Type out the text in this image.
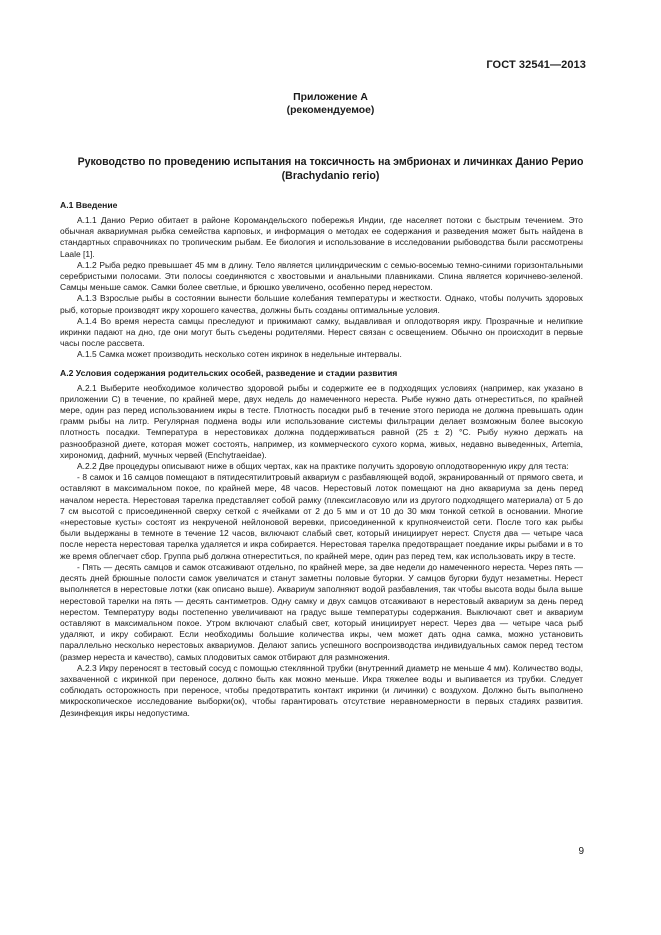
ГОСТ 32541—2013
Приложение А
(рекомендуемое)
Руководство по проведению испытания на токсичность на эмбрионах и личинках Данио Рерио
(Brachydanio rerio)
А.1 Введение

А.1.1 Данио Рерио обитает в районе Коромандельского побережья Индии, где населяет потоки с быстрым течением. Это обычная аквариумная рыбка семейства карповых, и информация о методах ее содержания и разведения может быть найдена в стандартных справочниках по тропическим рыбам. Ее биология и использование в исследовании рыбоводства были рассмотрены Laale [1].

А.1.2 Рыба редко превышает 45 мм в длину. Тело является цилиндрическим с семью-восемью темно-синими горизонтальными серебристыми полосами. Эти полосы соединяются с хвостовыми и анальными плавниками. Спина является коричнево-зеленой. Самцы меньше самок. Самки более светлые, и брюшко увеличено, особенно перед нерестом.

А.1.3 Взрослые рыбы в состоянии вынести большие колебания температуры и жесткости. Однако, чтобы получить здоровых рыб, которые производят икру хорошего качества, должны быть созданы оптимальные условия.

А.1.4 Во время нереста самцы преследуют и прижимают самку, выдавливая и оплодотворяя икру. Прозрачные и нелипкие икринки падают на дно, где они могут быть съедены родителями. Нерест связан с освещением. Обычно он происходит в первые часы после рассвета.

А.1.5 Самка может производить несколько сотен икринок в недельные интервалы.

А.2 Условия содержания родительских особей, разведение и стадии развития

А.2.1 Выберите необходимое количество здоровой рыбы и содержите ее в подходящих условиях (например, как указано в приложении С) в течение, по крайней мере, двух недель до намеченного нереста. Рыбе нужно дать отнереститься, по крайней мере, один раз перед использованием икры в тесте. Плотность посадки рыб в течение этого периода не должна превышать один грамм рыбы на литр. Регулярная подмена воды или использование системы фильтрации делает возможным более высокую плотность посадки. Температура в нерестовиках должна поддерживаться равной (25 ± 2) °С. Рыбу нужно держать на разнообразной диете, которая может состоять, например, из коммерческого сухого корма, живых, недавно выведенных, Artemia, хирономид, дафний, мучных червей (Enchytraeidae).

А.2.2 Две процедуры описывают ниже в общих чертах, как на практике получить здоровую оплодотворенную икру для теста:

- 8 самок и 16 самцов помещают в пятидесятилитровый аквариум с разбавляющей водой, экранированный от прямого света, и оставляют в максимальном покое, по крайней мере, 48 часов. Нерестовый лоток помещают на дно аквариума за день перед началом нереста. Нерестовая тарелка представляет собой рамку (плексигласовую или из другого подходящего материала) от 5 до 7 см высотой с присоединенной сверху сеткой с ячейками от 2 до 5 мм и от 10 до 30 мкм тонкой сеткой в основании. Многие «нерестовые кусты» состоят из некрученой нейлоновой веревки, присоединенной к крупноячеистой сети. После того как рыбы были выдержаны в темноте в течение 12 часов, включают слабый свет, который инициирует нерест. Спустя два — четыре часа после нереста нерестовая тарелка удаляется и икра собирается. Нерестовая тарелка предотвращает поедание икры рыбами и в то же время облегчает сбор. Группа рыб должна отнереститься, по крайней мере, один раз перед тем, как использовать икру в тесте.

- Пять — десять самцов и самок отсаживают отдельно, по крайней мере, за две недели до намеченного нереста. Через пять — десять дней брюшные полости самок увеличатся и станут заметны половые бугорки. У самцов бугорки будут незаметны. Нерест выполняется в нерестовые лотки (как описано выше). Аквариум заполняют водой разбавления, так чтобы высота воды была выше нерестовой тарелки на пять — десять сантиметров. Одну самку и двух самцов отсаживают в нерестовый аквариум за день перед нерестом. Температуру воды постепенно увеличивают на градус выше температуры содержания. Выключают свет и аквариум оставляют в максимальном покое. Утром включают слабый свет, который инициирует нерест. Через два — четыре часа рыб удаляют, и икру собирают. Если необходимы большие количества икры, чем может дать одна самка, можно установить параллельно несколько нерестовых аквариумов. Делают запись успешного воспроизводства индивидуальных самок перед тестом (размер нереста и качество), самых плодовитых самок отбирают для размножения.

А.2.3 Икру переносят в тестовый сосуд с помощью стеклянной трубки (внутренний диаметр не меньше 4 мм). Количество воды, захваченной с икринкой при переносе, должно быть как можно меньше. Икра тяжелее воды и выпивается из трубки. Следует соблюдать осторожность при переносе, чтобы предотвратить контакт икринки (и личинки) с воздухом. Должно быть выполнено микроскопическое исследование выборки(ок), чтобы гарантировать отсутствие неравномерности в первых стадиях развития. Дезинфекция икры недопустима.

9
